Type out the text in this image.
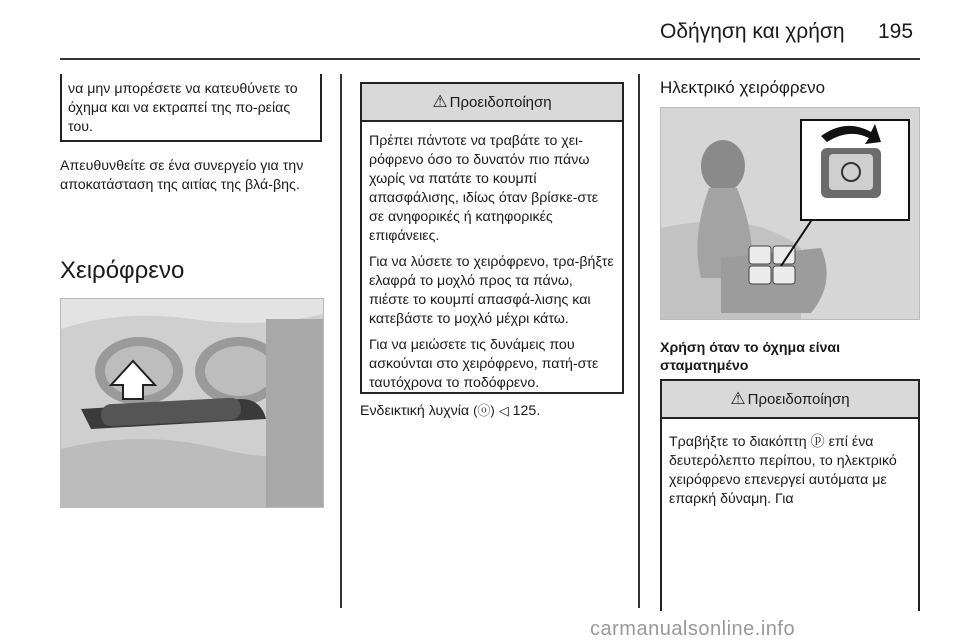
Οδήγηση και χρήση 195
να μην μπορέσετε να κατευθύνετε το όχημα και να εκτραπεί της πο-ρείας του.
Απευθυνθείτε σε ένα συνεργείο για την αποκατάσταση της αιτίας της βλά-βης.
Χειρόφρενο
⚠ Προειδοποίηση

Πρέπει πάντοτε να τραβάτε το χει-ρόφρενο όσο το δυνατόν πιο πάνω χωρίς να πατάτε το κουμπί απασφάλισης, ιδίως όταν βρίσκε-στε σε ανηφορικές ή κατηφορικές επιφάνειες.

Για να λύσετε το χειρόφρενο, τρα-βήξτε ελαφρά το μοχλό προς τα πάνω, πιέστε το κουμπί απασφά-λισης και κατεβάστε το μοχλό μέχρι κάτω.

Για να μειώσετε τις δυνάμεις που ασκούνται στο χειρόφρενο, πατή-στε ταυτόχρονα το ποδόφρενο.

Ενδεικτική λυχνία (ⓞ) ◁ 125.
Ηλεκτρικό χειρόφρενο
Χρήση όταν το όχημα είναι σταματημένο
⚠ Προειδοποίηση

Τραβήξτε το διακόπτη ⓟ επί ένα δευτερόλεπτο περίπου, το ηλεκτρικό χειρόφρενο επενεργεί αυτόματα με επαρκή δύναμη. Για

carmanualsonline.info
